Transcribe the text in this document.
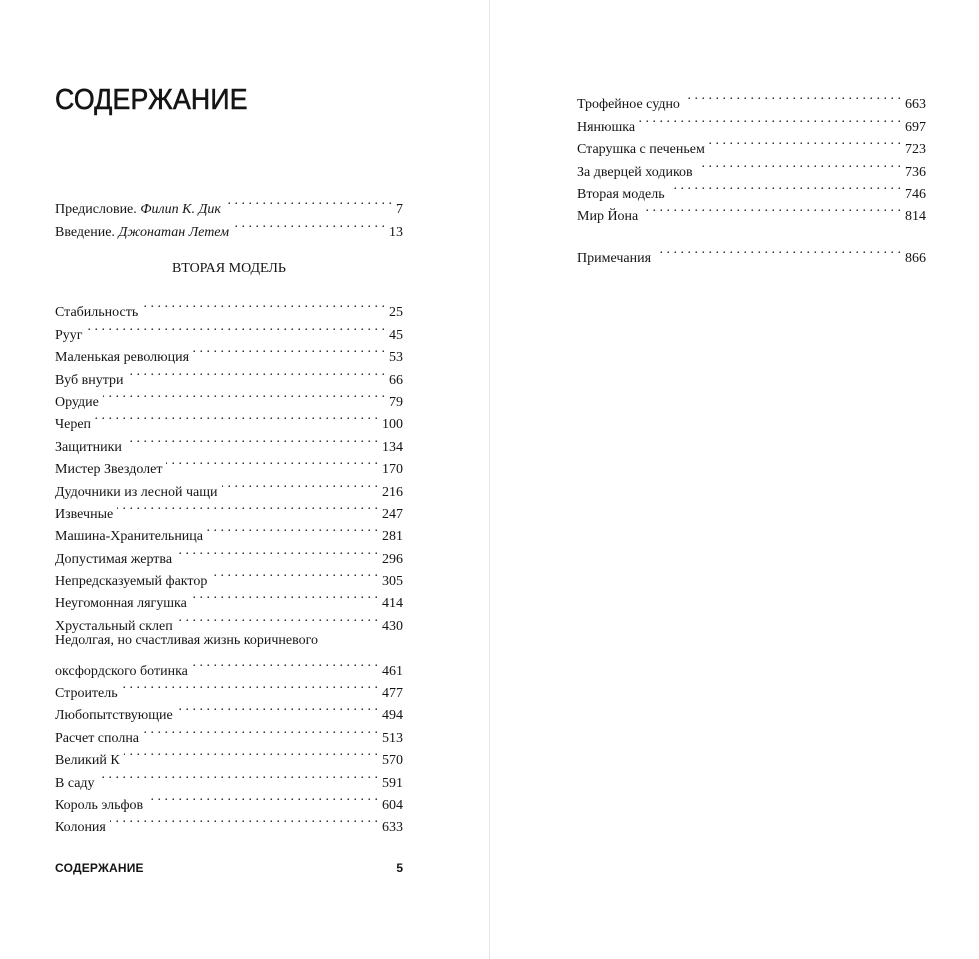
СОДЕРЖАНИЕ
Предисловие. Филип К. Дик . . .	7
Введение. Джонатан Летем . . .	13
ВТОРАЯ МОДЕЛЬ
Стабильность . . .	25
Рууг . . .	45
Маленькая революция . . .	53
Вуб внутри . . .	66
Орудие . . .	79
Череп . . .	100
Защитники . . .	134
Мистер Звездолет . . .	170
Дудочники из лесной чащи . . .	216
Извечные . . .	247
Машина-Хранительница . . .	281
Допустимая жертва . . .	296
Непредсказуемый фактор . . .	305
Неугомонная лягушка . . .	414
Хрустальный склеп . . .	430
Недолгая, но счастливая жизнь коричневого
оксфордского ботинка . . .	461
Строитель . . .	477
Любопытствующие . . .	494
Расчет сполна . . .	513
Великий К . . .	570
В саду . . .	591
Король эльфов . . .	604
Колония . . .	633
СОДЕРЖАНИЕ	5
Трофейное судно . . .	663
Нянюшка . . .	697
Старушка с печеньем . . .	723
За дверцей ходиков . . .	736
Вторая модель . . .	746
Мир Йона . . .	814
Примечания . . .	866
